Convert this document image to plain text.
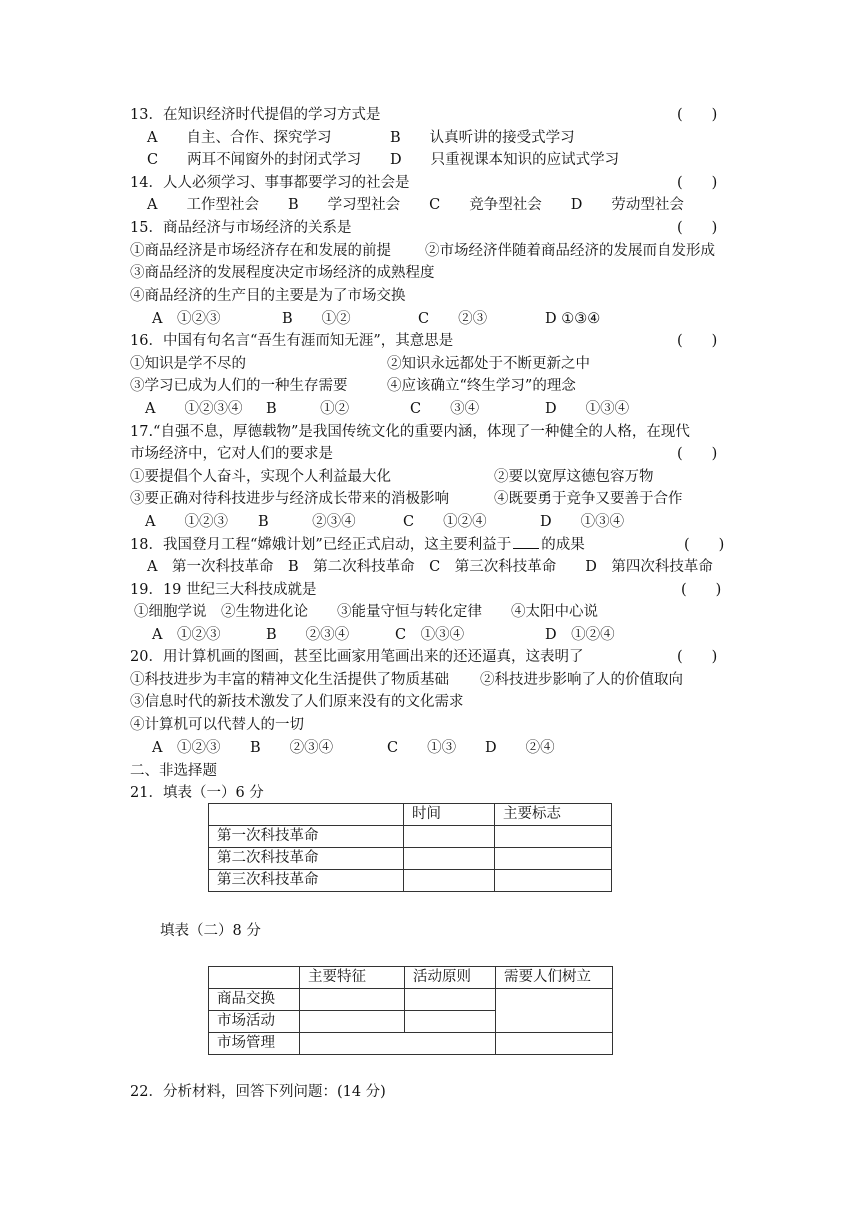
13．在知识经济时代提倡的学习方式是	(　　)
A　　自主、合作、探究学习	B　　认真听讲的接受式学习
C　　两耳不闻窗外的封闭式学习 D　　只重视课本知识的应试式学习
14．人人必须学习、事事都要学习的社会是	(　　)
A　　工作型社会　　B　　学习型社会　　C　　竞争型社会　　D　　劳动型社会
15．商品经济与市场经济的关系是	(　　)
①商品经济是市场经济存在和发展的前提 ②市场经济伴随着商品经济的发展而自发形成
③商品经济的发展程度决定市场经济的成熟程度
④商品经济的生产目的主要是为了市场交换
A　①②③	B　　①②	C　　②③	D ①③④
16．中国有句名言“吾生有涯而知无涯”，其意思是	(　　)
①知识是学不尽的	②知识永远都处于不断更新之中
③学习已成为人们的一种生存需要	④应该确立“终生学习”的理念
A　　①②③④ B　　　①②	C　　③④	D　　①③④
17.“自强不息，厚德载物”是我国传统文化的重要内涵，体现了一种健全的人格，在现代
市场经济中，它对人们的要求是	(　　)
①要提倡个人奋斗，实现个人利益最大化	②要以宽厚这德包容万物
③要正确对待科技进步与经济成长带来的消极影响	④既要勇于竞争又要善于合作
A　　①②③ B　　　②③④	C　　①②④	D　　①③④
18．我国登月工程“嫦娥计划”已经正式启动，这主要利益于 的成果	(　　)
A　第一次科技革命　B　第二次科技革命　C　第三次科技革命　　D　第四次科技革命
19．19 世纪三大科技成就是	(　　)
①细胞学说　②生物进化论　　③能量守恒与转化定律　　④太阳中心说
A　①②③	B　　②③④	C　①③④	D　①②④
20．用计算机画的图画，甚至比画家用笔画出来的还还逼真，这表明了	(　　)
①科技进步为丰富的精神文化生活提供了物质基础 ②科技进步影响了人的价值取向
③信息时代的新技术激发了人们原来没有的文化需求
④计算机可以代替人的一切
A　①②③ B　　②③④	C　　①③ D　　②④
二、非选择题
21．填表（一）6 分
	时间	主要标志
第一次科技革命		
第二次科技革命		
第三次科技革命		
填表（二）8 分
	主要特征	活动原则	需要人们树立
商品交换			
市场活动			
市场管理			
22．分析材料，回答下列问题：(14 分)
